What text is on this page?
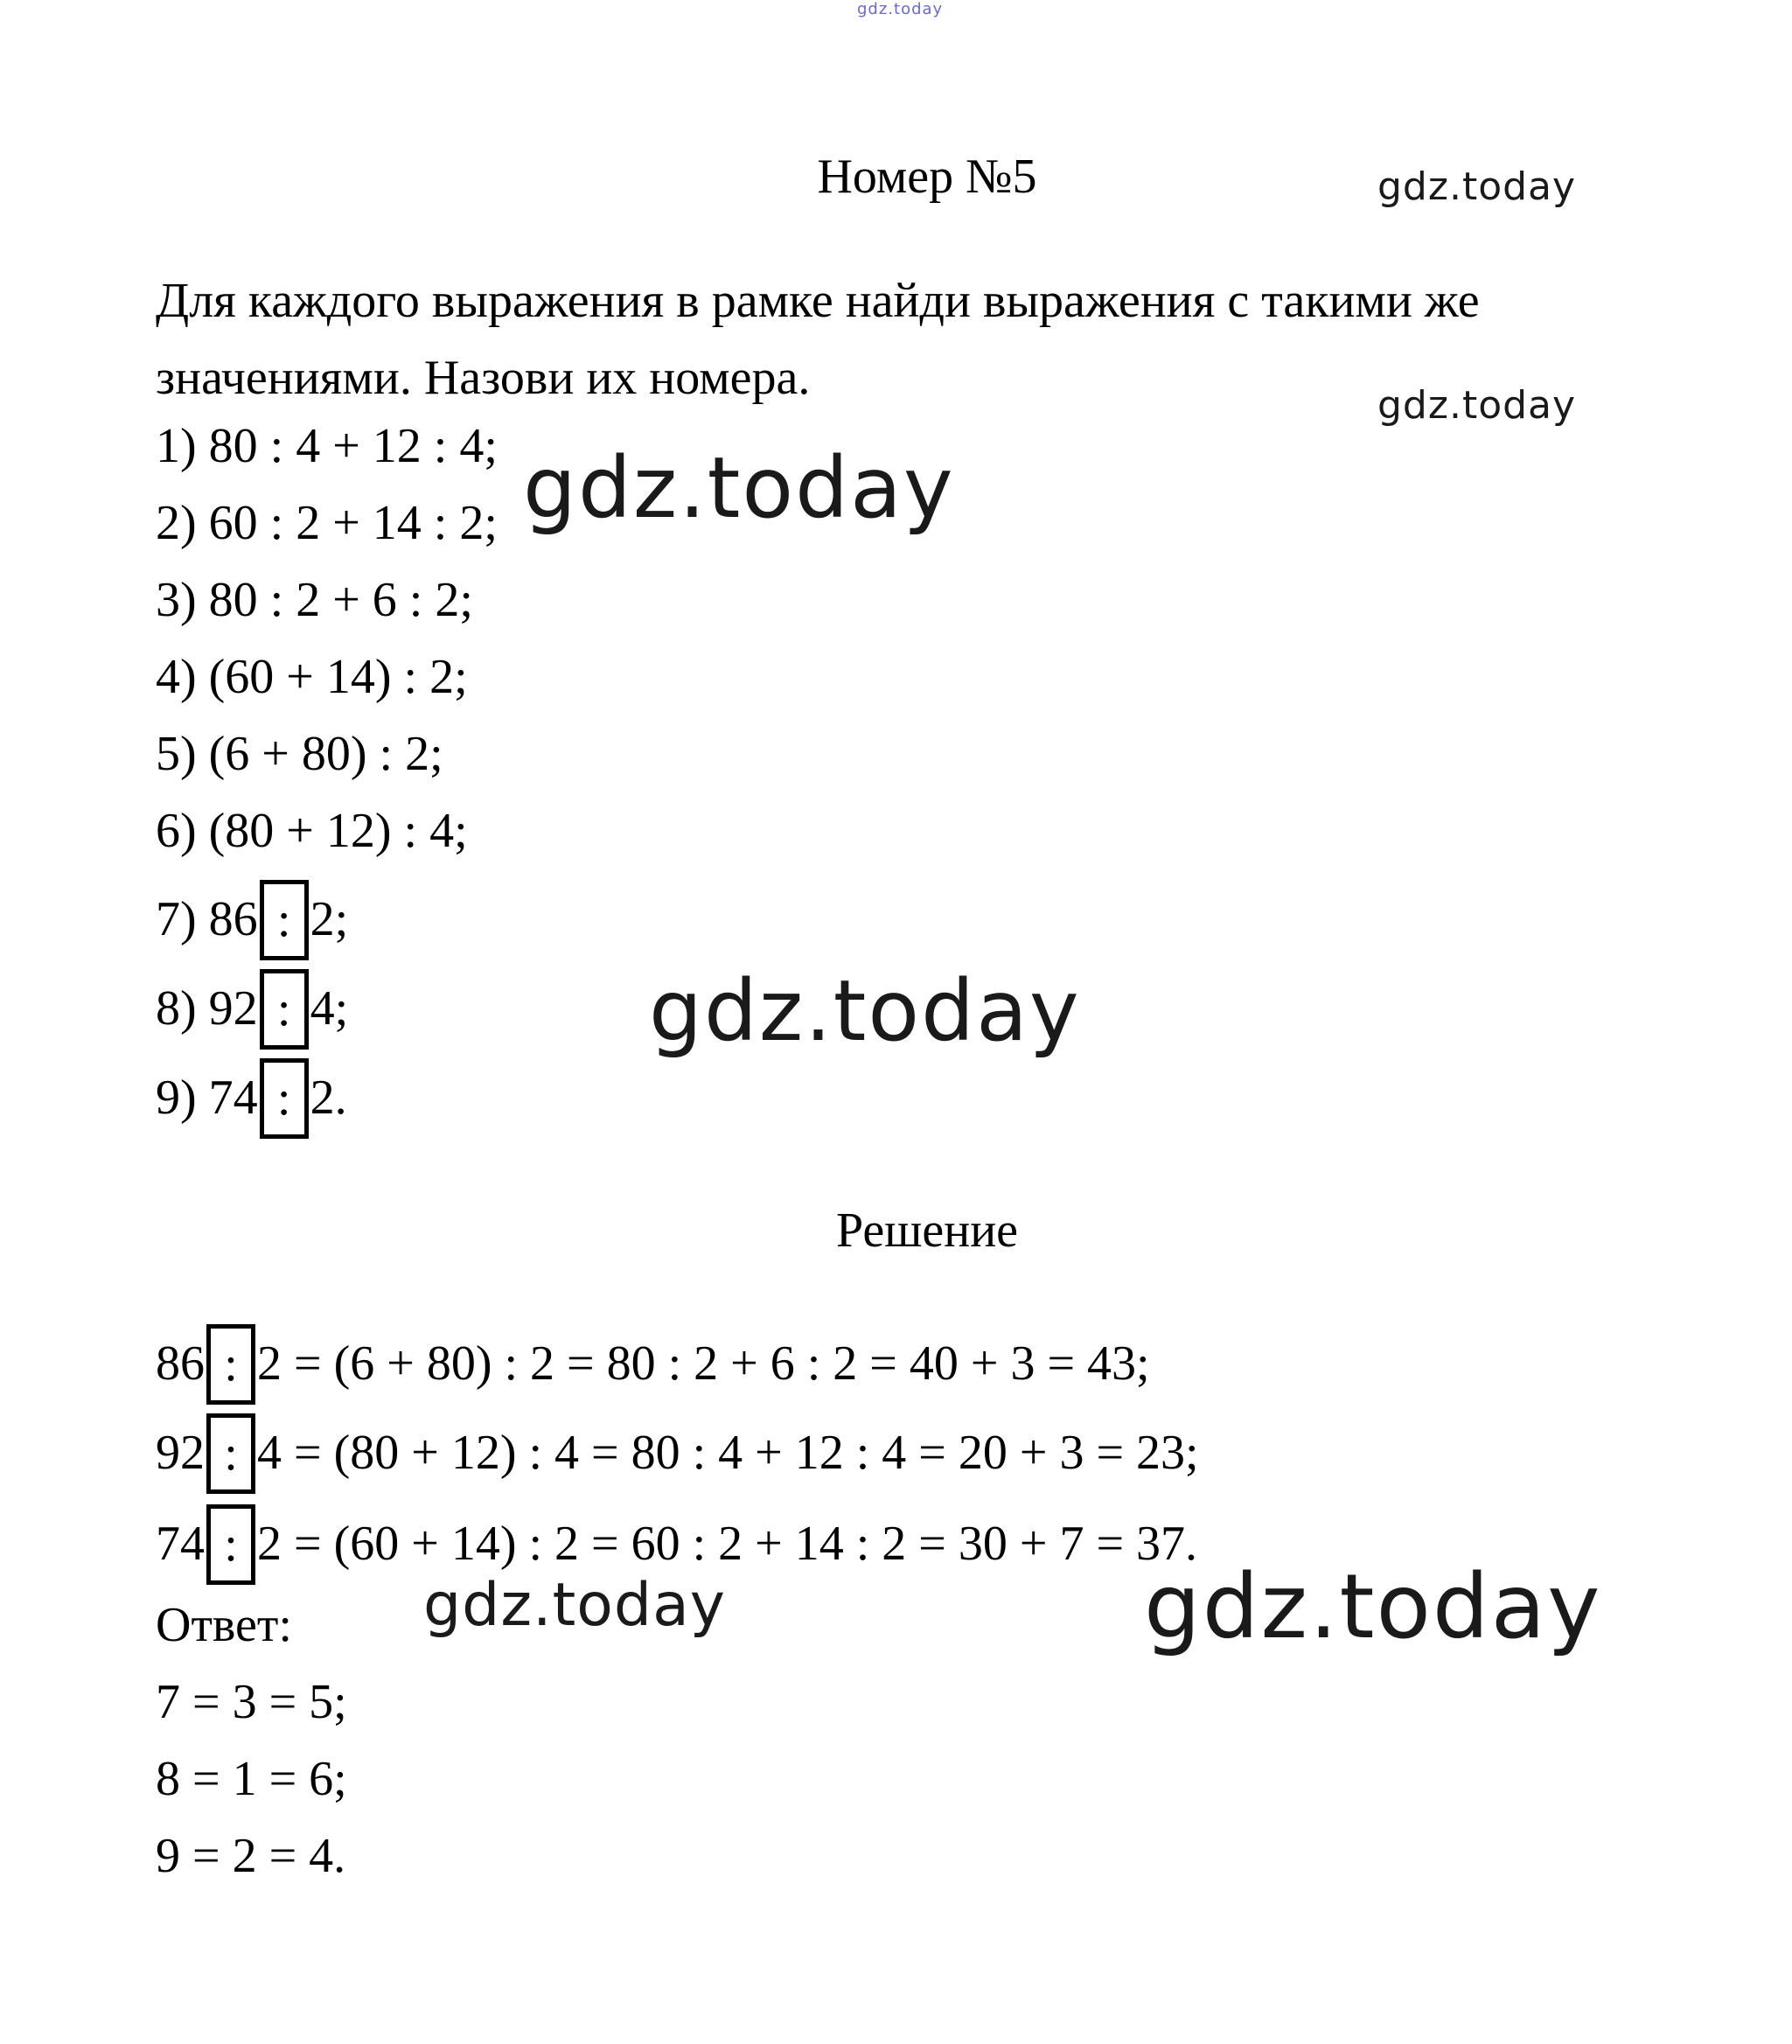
gdz.today
gdz.today
gdz.today
gdz.today
gdz.today
gdz.today	gdz.today
Номер №5
Для каждого выражения в рамке найди выражения с такими же значениями. Назови их номера.
1) 80 : 4 + 12 : 4;
2) 60 : 2 + 14 : 2;
3) 80 : 2 + 6 : 2;
4) (60 + 14) : 2;
5) (6 + 80) : 2;
6) (80 + 12) : 4;
7) 86 : 2;
8) 92 : 4;
9) 74 : 2.
Решение
86 : 2 = (6 + 80) : 2 = 80 : 2 + 6 : 2 = 40 + 3 = 43;
92 : 4 = (80 + 12) : 4 = 80 : 4 + 12 : 4 = 20 + 3 = 23;
74 : 2 = (60 + 14) : 2 = 60 : 2 + 14 : 2 = 30 + 7 = 37.
Ответ:
7 = 3 = 5;
8 = 1 = 6;
9 = 2 = 4.
